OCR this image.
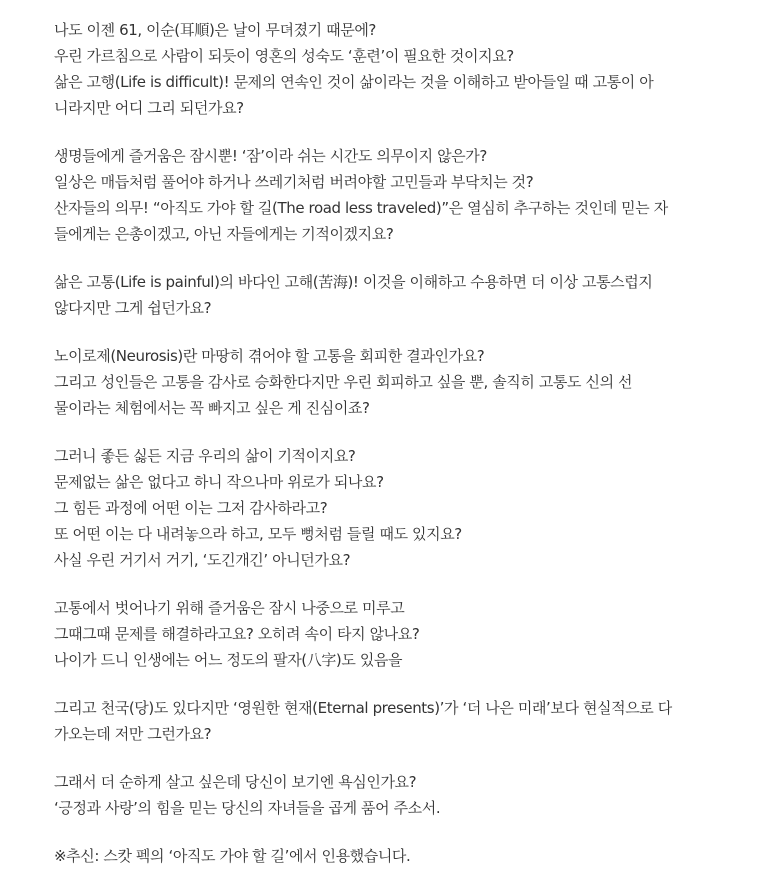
나도 이젠 61, 이순(耳順)은 날이 무뎌졌기 때문에?
우린 가르침으로 사람이 되듯이 영혼의 성숙도 ‘훈련’이 필요한 것이지요?
삶은 고행(Life is difficult)! 문제의 연속인 것이 삶이라는 것을 이해하고 받아들일 때 고통이 아
니라지만 어디 그리 되던가요?
생명들에게 즐거움은 잠시뿐! ‘잠’이라 쉬는 시간도 의무이지 않은가?
일상은 매듭처럼 풀어야 하거나 쓰레기처럼 버려야할 고민들과 부닥치는 것?
산자들의 의무! “아직도 가야 할 길(The road less traveled)”은 열심히 추구하는 것인데 믿는 자
들에게는 은총이겠고, 아닌 자들에게는 기적이겠지요?
삶은 고통(Life is painful)의 바다인 고해(苦海)! 이것을 이해하고 수용하면 더 이상 고통스럽지
않다지만 그게 쉽던가요?
노이로제(Neurosis)란 마땅히 겪어야 할 고통을 회피한 결과인가요?
그리고 성인들은 고통을 감사로 승화한다지만 우린 회피하고 싶을 뿐, 솔직히 고통도 신의 선
물이라는 체험에서는 꼭 빠지고 싶은 게 진심이죠?
그러니 좋든 싫든 지금 우리의 삶이 기적이지요?
문제없는 삶은 없다고 하니 작으나마 위로가 되나요?
그 힘든 과정에 어떤 이는 그저 감사하라고?
또 어떤 이는 다 내려놓으라 하고, 모두 뻥처럼 들릴 때도 있지요?
사실 우린 거기서 거기, ‘도긴개긴’ 아니던가요?
고통에서 벗어나기 위해 즐거움은 잠시 나중으로 미루고
그때그때 문제를 해결하라고요? 오히려 속이 타지 않나요?
나이가 드니 인생에는 어느 정도의 팔자(八字)도 있음을
그리고 천국(당)도 있다지만 ‘영원한 현재(Eternal presents)’가 ‘더 나은 미래’보다 현실적으로 다
가오는데 저만 그런가요?
그래서 더 순하게 살고 싶은데 당신이 보기엔 욕심인가요?
‘긍정과 사랑’의 힘을 믿는 당신의 자녀들을 곱게 품어 주소서.
※추신: 스캇 펙의 ‘아직도 가야 할 길’에서 인용했습니다.
